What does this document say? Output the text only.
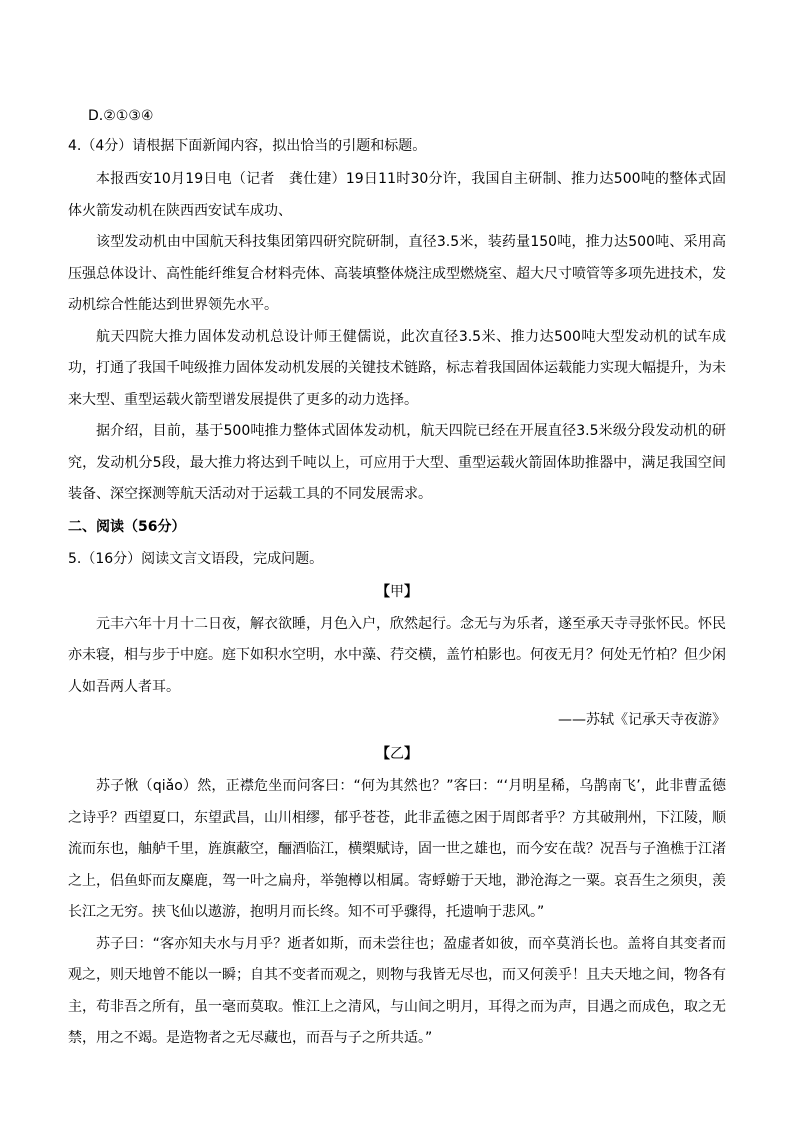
D.②①③④
4.（4分）请根据下面新闻内容，拟出恰当的引题和标题。

本报西安10月19日电（记者　龚仕建）19日11时30分许，我国自主研制、推力达500吨的整体式固体火箭发动机在陕西西安试车成功、

该型发动机由中国航天科技集团第四研究院研制，直径3.5米，装药量150吨，推力达500吨、采用高压强总体设计、高性能纤维复合材料壳体、高装填整体烧注成型燃烧室、超大尺寸喷管等多项先进技术，发动机综合性能达到世界领先水平。

航天四院大推力固体发动机总设计师王健儒说，此次直径3.5米、推力达500吨大型发动机的试车成功，打通了我国千吨级推力固体发动机发展的关键技术链路，标志着我国固体运载能力实现大幅提升，为未来大型、重型运载火箭型谱发展提供了更多的动力选择。

据介绍，目前，基于500吨推力整体式固体发动机，航天四院已经在开展直径3.5米级分段发动机的研究，发动机分5段，最大推力将达到千吨以上，可应用于大型、重型运载火箭固体助推器中，满足我国空间装备、深空探测等航天活动对于运载工具的不同发展需求。

二、阅读（56分）
5.（16分）阅读文言文语段，完成问题。
【甲】

元丰六年十月十二日夜，解衣欲睡，月色入户，欣然起行。念无与为乐者，遂至承天寺寻张怀民。怀民亦未寝，相与步于中庭。庭下如积水空明，水中藻、荇交横，盖竹柏影也。何夜无月？何处无竹柏？但少闲人如吾两人者耳。

——苏轼《记承天寺夜游》
【乙】

苏子愀（qiǎo）然，正襟危坐而问客曰：“何为其然也？”客曰：“‘月明星稀，乌鹊南飞’，此非曹孟德之诗乎？西望夏口，东望武昌，山川相缪，郁乎苍苍，此非孟德之困于周郎者乎？方其破荆州，下江陵，顺流而东也，舳舻千里，旌旗蔽空，酾酒临江，横槊赋诗，固一世之雄也，而今安在哉？况吾与子渔樵于江渚之上，侣鱼虾而友麋鹿，驾一叶之扁舟，举匏樽以相属。寄蜉蝣于天地，渺沧海之一粟。哀吾生之须臾，羡长江之无穷。挟飞仙以遨游，抱明月而长终。知不可乎骤得，托遗响于悲风。”

苏子曰：“客亦知夫水与月乎？逝者如斯，而未尝往也；盈虚者如彼，而卒莫消长也。盖将自其变者而观之，则天地曾不能以一瞬；自其不变者而观之，则物与我皆无尽也，而又何羡乎！且夫天地之间，物各有主，苟非吾之所有，虽一毫而莫取。惟江上之清风，与山间之明月，耳得之而为声，目遇之而成色，取之无禁，用之不竭。是造物者之无尽藏也，而吾与子之所共适。”
